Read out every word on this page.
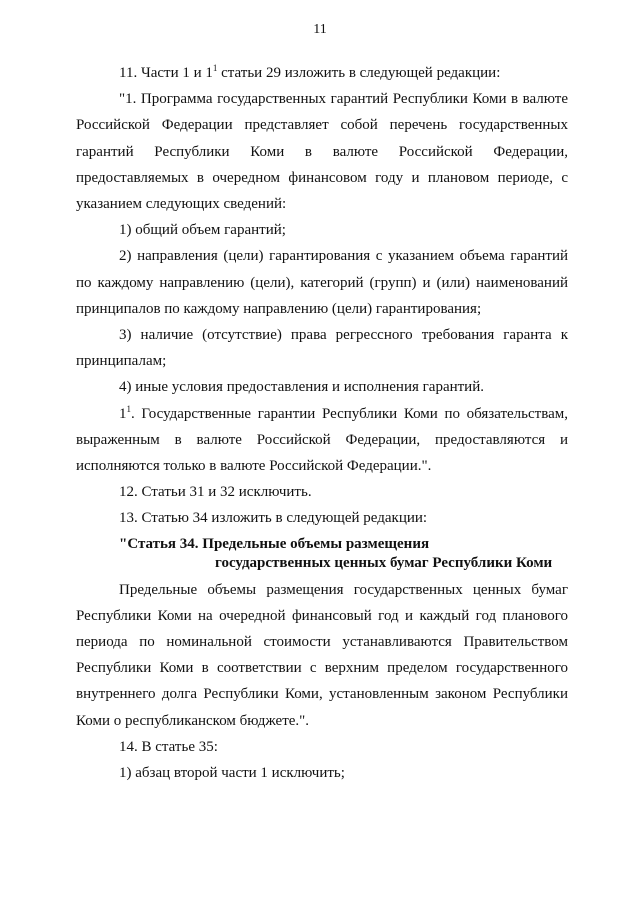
11

11. Части 1 и $1^1$ статьи 29 изложить в следующей редакции:

"1. Программа государственных гарантий Республики Коми в валюте Российской Федерации представляет собой перечень государственных гарантий Республики Коми в валюте Российской Федерации, предоставляемых в очередном финансовом году и плановом периоде, с указанием следующих сведений:

1) общий объем гарантий;

2) направления (цели) гарантирования с указанием объема гарантий по каждому направлению (цели), категорий (групп) и (или) наименований принципалов по каждому направлению (цели) гарантирования;

3) наличие (отсутствие) права регрессного требования гаранта к принципалам;

4) иные условия предоставления и исполнения гарантий.

$1^1$. Государственные гарантии Республики Коми по обязательствам, выраженным в валюте Российской Федерации, предоставляются и исполняются только в валюте Российской Федерации.".

12. Статьи 31 и 32 исключить.

13. Статью 34 изложить в следующей редакции:

"Статья 34. Предельные объемы размещения
государственных ценных бумаг Республики Коми

Предельные объемы размещения государственных ценных бумаг Республики Коми на очередной финансовый год и каждый год планового периода по номинальной стоимости устанавливаются Правительством Республики Коми в соответствии с верхним пределом государственного внутреннего долга Республики Коми, установленным законом Республики Коми о республиканском бюджете.".

14. В статье 35:

1) абзац второй части 1 исключить;
